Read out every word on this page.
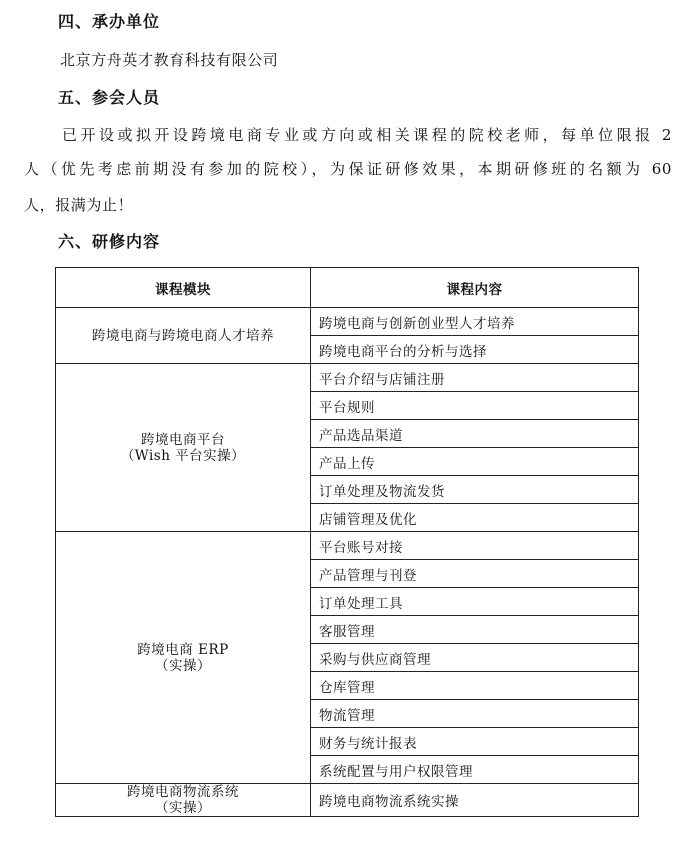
四、承办单位
北京方舟英才教育科技有限公司
五、参会人员
已开设或拟开设跨境电商专业或方向或相关课程的院校老师，每单位限报 2
人（优先考虑前期没有参加的院校），为保证研修效果，本期研修班的名额为 60
人，报满为止！
六、研修内容
课程模块	课程内容

跨境电商与跨境电商人才培养	跨境电商与创新创业型人才培养
	跨境电商平台的分析与选择

跨境电商平台
（Wish 平台实操）	平台介绍与店铺注册
	平台规则
	产品选品渠道
	产品上传
	订单处理及物流发货
	店铺管理及优化

跨境电商 ERP
（实操）	平台账号对接
	产品管理与刊登
	订单处理工具
	客服管理
	采购与供应商管理
	仓库管理
	物流管理
	财务与统计报表
	系统配置与用户权限管理

跨境电商物流系统
（实操）	跨境电商物流系统实操
